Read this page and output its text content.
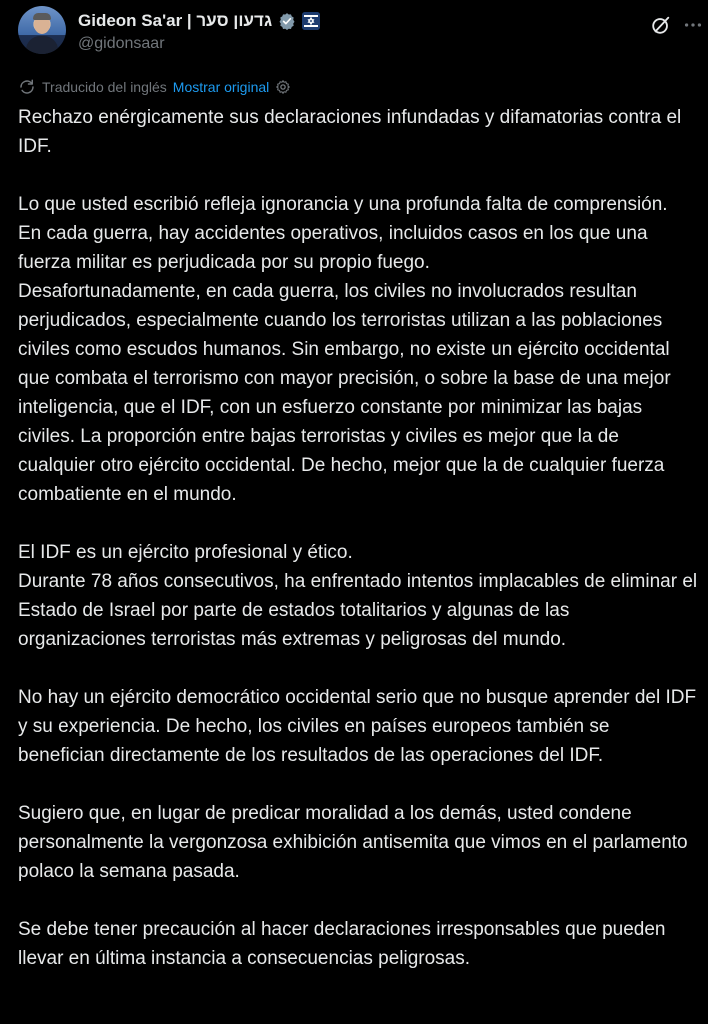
Gideon Sa'ar | גדעון סער
@gidonsaar
Traducido del inglés Mostrar original

Rechazo enérgicamente sus declaraciones infundadas y difamatorias contra el IDF.

Lo que usted escribió refleja ignorancia y una profunda falta de comprensión.
En cada guerra, hay accidentes operativos, incluidos casos en los que una fuerza militar es perjudicada por su propio fuego.
Desafortunadamente, en cada guerra, los civiles no involucrados resultan perjudicados, especialmente cuando los terroristas utilizan a las poblaciones civiles como escudos humanos. Sin embargo, no existe un ejército occidental que combata el terrorismo con mayor precisión, o sobre la base de una mejor inteligencia, que el IDF, con un esfuerzo constante por minimizar las bajas civiles. La proporción entre bajas terroristas y civiles es mejor que la de cualquier otro ejército occidental. De hecho, mejor que la de cualquier fuerza combatiente en el mundo.

El IDF es un ejército profesional y ético.
Durante 78 años consecutivos, ha enfrentado intentos implacables de eliminar el Estado de Israel por parte de estados totalitarios y algunas de las organizaciones terroristas más extremas y peligrosas del mundo.

No hay un ejército democrático occidental serio que no busque aprender del IDF y su experiencia. De hecho, los civiles en países europeos también se benefician directamente de los resultados de las operaciones del IDF.

Sugiero que, en lugar de predicar moralidad a los demás, usted condene personalmente la vergonzosa exhibición antisemita que vimos en el parlamento polaco la semana pasada.

Se debe tener precaución al hacer declaraciones irresponsables que pueden llevar en última instancia a consecuencias peligrosas.
